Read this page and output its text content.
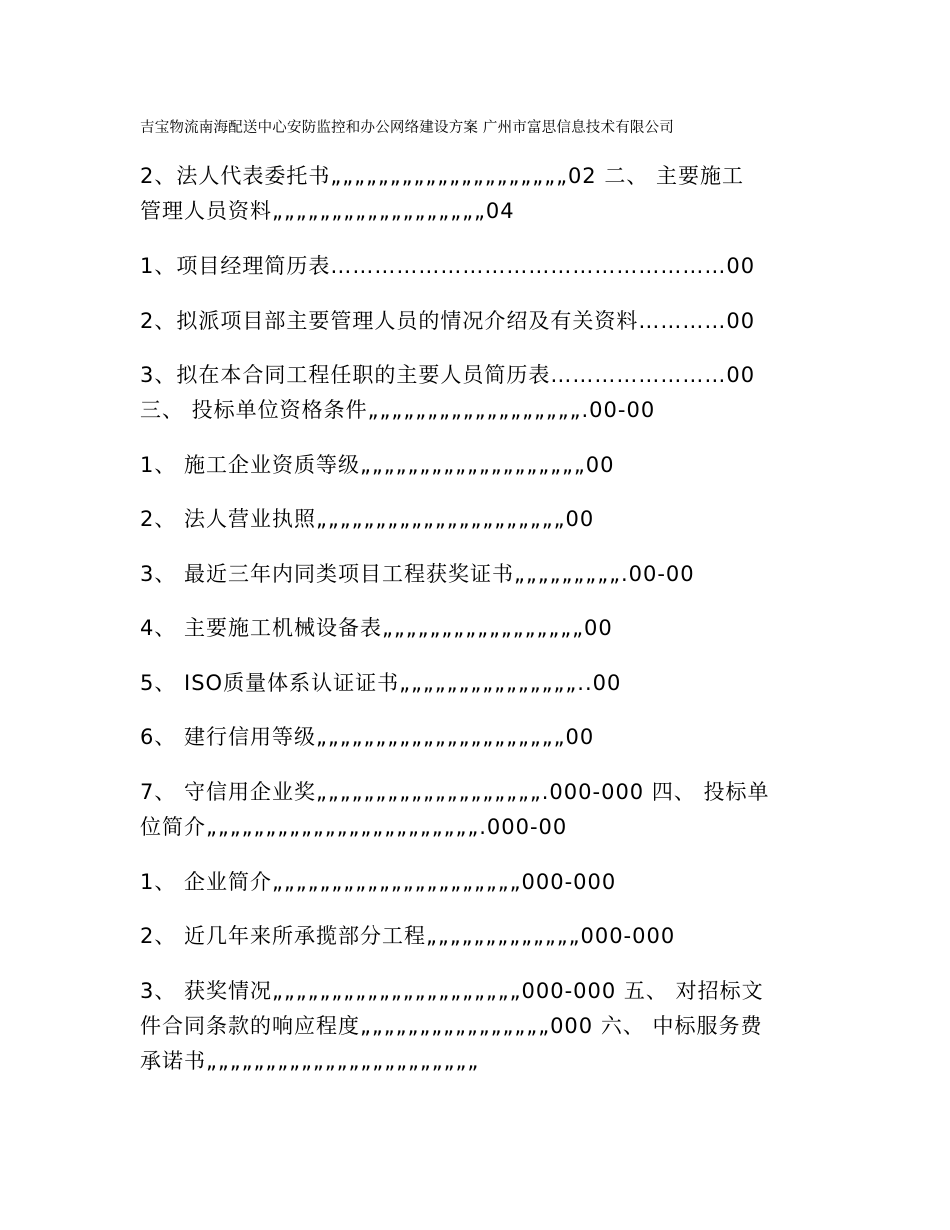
吉宝物流南海配送中心安防监控和办公网络建设方案 广州市富思信息技术有限公司
2、法人代表委托书„„„„„„„„„„„„„„„„„„„„02 二、 主要施工
管理人员资料„„„„„„„„„„„„„„„„„„04
1、项目经理简历表………………………………………………00
2、拟派项目部主要管理人员的情况介绍及有关资料…………00
3、拟在本合同工程任职的主要人员简历表……………………00
三、 投标单位资格条件„„„„„„„„„„„„„„„„„„.00-00
1、 施工企业资质等级„„„„„„„„„„„„„„„„„„„00
2、 法人营业执照„„„„„„„„„„„„„„„„„„„„„00
3、 最近三年内同类项目工程获奖证书„„„„„„„„„.00-00
4、 主要施工机械设备表„„„„„„„„„„„„„„„„„00
5、 ISO质量体系认证证书„„„„„„„„„„„„„„„..00
6、 建行信用等级„„„„„„„„„„„„„„„„„„„„„00
7、 守信用企业奖„„„„„„„„„„„„„„„„„„„.000-000 四、 投标单
位简介„„„„„„„„„„„„„„„„„„„„„„„.000-00
1、 企业简介„„„„„„„„„„„„„„„„„„„„„000-000
2、 近几年来所承揽部分工程„„„„„„„„„„„„„000-000
3、 获奖情况„„„„„„„„„„„„„„„„„„„„„000-000 五、 对招标文
件合同条款的响应程度„„„„„„„„„„„„„„„„000 六、 中标服务费
承诺书„„„„„„„„„„„„„„„„„„„„„„„
